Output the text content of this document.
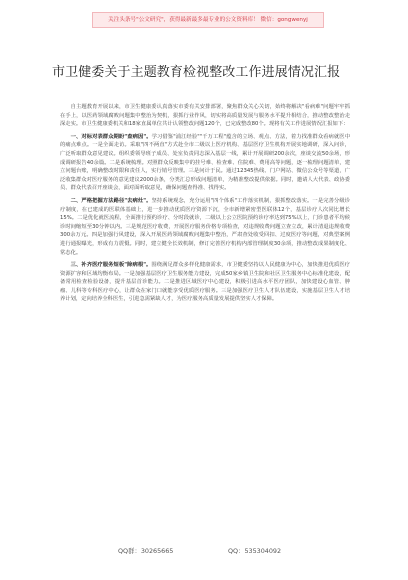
关注头条号"公文研究"，获得最新最多最专业的公文资料库！ 微信：gongwenyj
市卫健委关于主题教育检视整改工作进展情况汇报

自主题教育开展以来，市卫生健康委认真落实市委有关安排部署，聚焦群众关心关切，始终将解决"看病难"问题牢牢抓在手上，以医药领域腐败问题集中整治为契机，狠抓行业作风，切实将高质量发展与服务水平提升相结合，推动整改整治走深走实。市卫生健康委机关和18家直属单位共计认领整改问题120个，已完成整改80个。现将有关工作进展情况汇报如下：

一、对标对表群众期盼"查病因"。学习借鉴"浦江经验""千万工程"蕴含的立场、观点、方法，着力找准群众看病就医中的痛点难点。一是全面走访。采取"四不两直"方式赴全市二级以上医疗机构、基层医疗卫生机构开展实地调研，深入问诊，广泛听取群众意见建议。组织委领导班子成员、处室负责同志深入基层一线，累计开展调研200余次，座谈交流50余场，形成调研报告40余篇。二是系统梳理。对照群众反映集中的挂号难、检查难、住院难、费用高等问题，逐一梳理问题清单，建立问题台账，明确整改时限和责任人，实行销号管理。三是问计于民。通过12345热线、门户网站、微信公众号等渠道，广泛收集群众对医疗服务的意见建议2000余条，分类汇总形成问题清单，为精准整改提供依据。同时，邀请人大代表、政协委员、群众代表召开座谈会，面对面听取意见，确保问题查得准、找得实。

二、严格把握方法路径"去病灶"。坚持系统观念，充分运用"四个体系"工作落实机制，狠抓整改落实。一是完善分级诊疗制度，在已建成的医联体基础上，进一步推动优质医疗资源下沉，全市新增紧密型医联体12个，基层诊疗人次同比增长15%。二是优化就医流程，全面推行预约诊疗、分时段就诊，二级以上公立医院预约诊疗率达到75%以上，门诊患者平均候诊时间缩短至30分钟以内。三是规范医疗收费，开展医疗服务价格专项检查，对违规收费问题立查立改，累计清退违规收费300余万元。四是加强行风建设，深入开展医药领域腐败问题集中整治，严肃查处收受回扣、过度医疗等问题，对典型案例进行通报曝光，形成有力震慑。同时，建立健全长效机制，修订完善医疗机构内部管理制度30余项，推动整改成果制度化、常态化。

三、补齐医疗服务短板"除病根"。围绕满足群众多样化健康需求，市卫健委坚持以人民健康为中心，加快推进优质医疗资源扩容和区域均衡布局。一是加强基层医疗卫生服务能力建设，完成50家乡镇卫生院和社区卫生服务中心标准化建设，配备常用检查检验设备，提升基层首诊能力。二是推进区域医疗中心建设，积极引进高水平医疗团队，加快建设心血管、肿瘤、儿科等专科医疗中心，让群众在家门口就能享受优质医疗服务。三是加强医疗卫生人才队伍建设，实施基层卫生人才培养计划，定向培养全科医生，引进急需紧缺人才，为医疗服务高质量发展提供坚实人才保障。

QQ群：30265665	QQ：535304092
